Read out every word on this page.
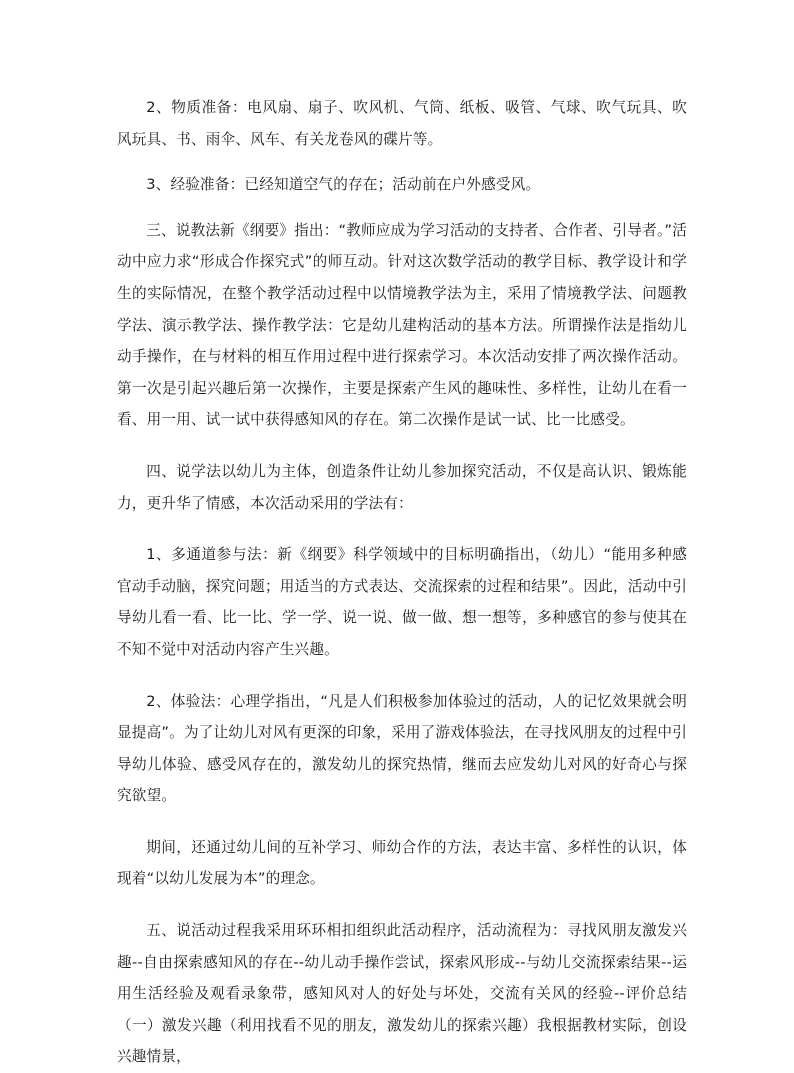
2、物质准备：电风扇、扇子、吹风机、气筒、纸板、吸管、气球、吹气玩具、吹风玩具、书、雨伞、风车、有关龙卷风的碟片等。

3、经验准备：已经知道空气的存在；活动前在户外感受风。

三、说教法新《纲要》指出：“教师应成为学习活动的支持者、合作者、引导者。”活动中应力求“形成合作探究式”的师互动。针对这次数学活动的教学目标、教学设计和学生的实际情况，在整个教学活动过程中以情境教学法为主，采用了情境教学法、问题教学法、演示教学法、操作教学法：它是幼儿建构活动的基本方法。所谓操作法是指幼儿动手操作，在与材料的相互作用过程中进行探索学习。本次活动安排了两次操作活动。第一次是引起兴趣后第一次操作，主要是探索产生风的趣味性、多样性，让幼儿在看一看、用一用、试一试中获得感知风的存在。第二次操作是试一试、比一比感受。

四、说学法以幼儿为主体，创造条件让幼儿参加探究活动，不仅是高认识、锻炼能力，更升华了情感，本次活动采用的学法有：

1、多通道参与法：新《纲要》科学领域中的目标明确指出，（幼儿）“能用多种感官动手动脑，探究问题；用适当的方式表达、交流探索的过程和结果”。因此，活动中引导幼儿看一看、比一比、学一学、说一说、做一做、想一想等，多种感官的参与使其在不知不觉中对活动内容产生兴趣。

2、体验法：心理学指出，“凡是人们积极参加体验过的活动，人的记忆效果就会明显提高”。为了让幼儿对风有更深的印象，采用了游戏体验法，在寻找风朋友的过程中引导幼儿体验、感受风存在的，激发幼儿的探究热情，继而去应发幼儿对风的好奇心与探究欲望。

期间，还通过幼儿间的互补学习、师幼合作的方法，表达丰富、多样性的认识，体现着“以幼儿发展为本”的理念。

五、说活动过程我采用环环相扣组织此活动程序，活动流程为：寻找风朋友激发兴趣--自由探索感知风的存在--幼儿动手操作尝试，探索风形成--与幼儿交流探索结果--运用生活经验及观看录象带，感知风对人的好处与坏处，交流有关风的经验--评价总结（一）激发兴趣（利用找看不见的朋友，激发幼儿的探索兴趣）我根据教材实际，创设兴趣情景，
